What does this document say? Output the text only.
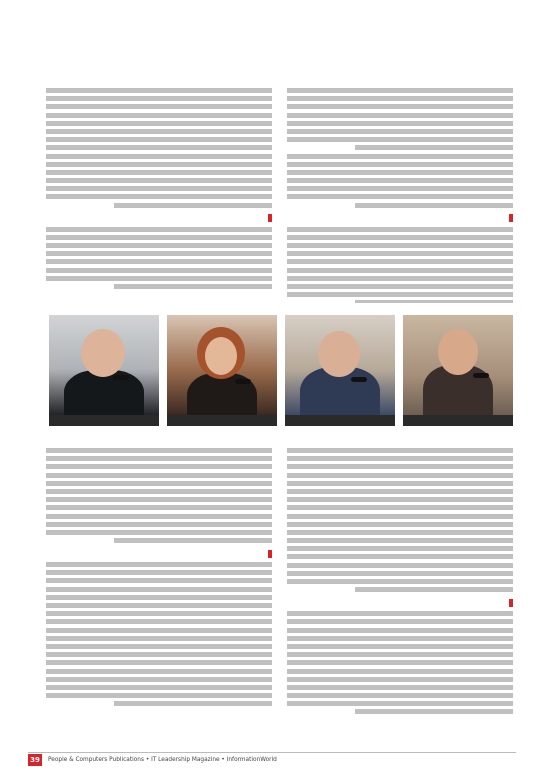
39	People & Computers Publications • IT Leadership Magazine • InformationWorld
